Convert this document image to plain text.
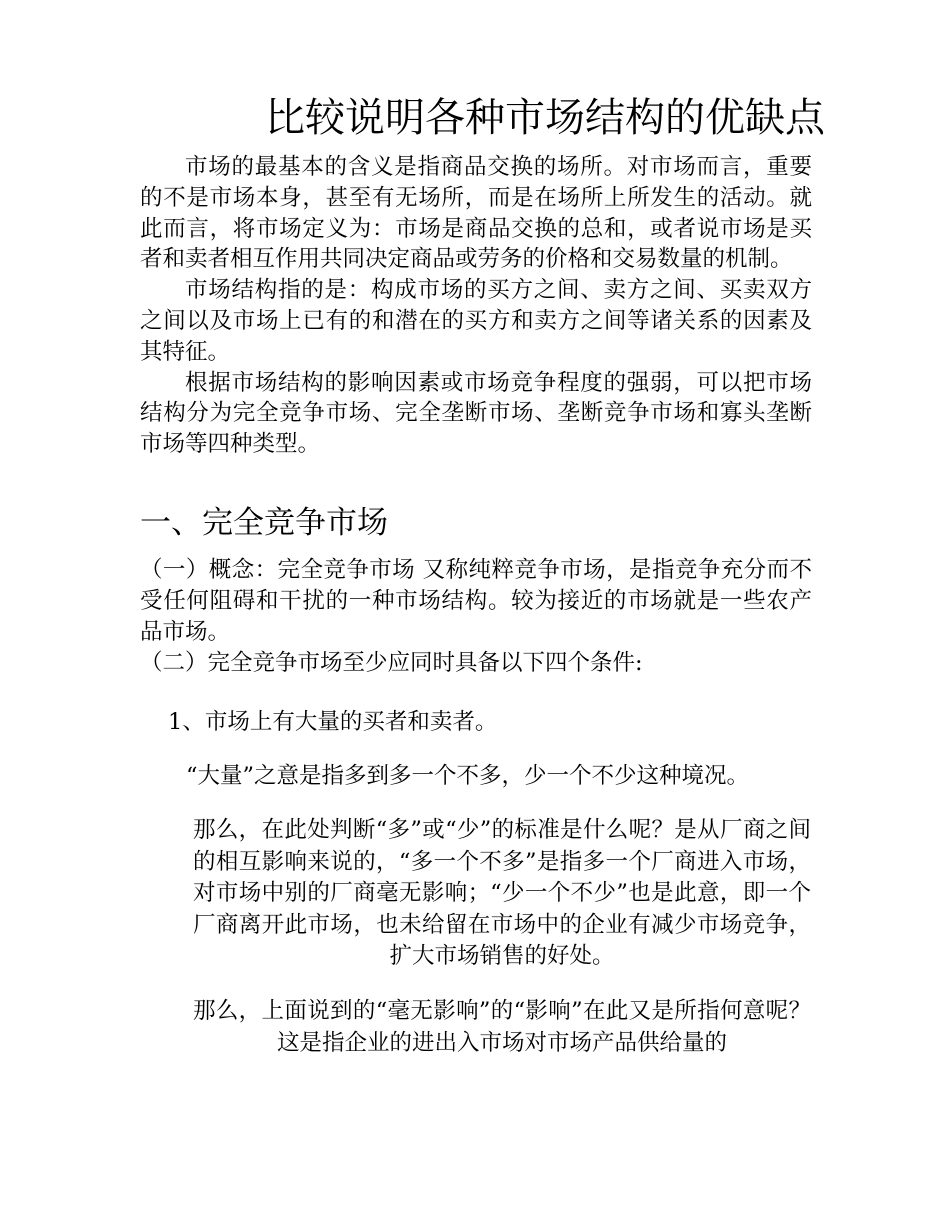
比较说明各种市场结构的优缺点

市场的最基本的含义是指商品交换的场所。对市场而言，重要的不是市场本身，甚至有无场所，而是在场所上所发生的活动。就此而言，将市场定义为：市场是商品交换的总和，或者说市场是买者和卖者相互作用共同决定商品或劳务的价格和交易数量的机制。

市场结构指的是：构成市场的买方之间、卖方之间、买卖双方之间以及市场上已有的和潜在的买方和卖方之间等诸关系的因素及其特征。

根据市场结构的影响因素或市场竞争程度的强弱，可以把市场结构分为完全竞争市场、完全垄断市场、垄断竞争市场和寡头垄断市场等四种类型。

一、完全竞争市场

（一）概念：完全竞争市场 又称纯粹竞争市场，是指竞争充分而不受任何阻碍和干扰的一种市场结构。较为接近的市场就是一些农产品市场。

（二）完全竞争市场至少应同时具备以下四个条件:

1、市场上有大量的买者和卖者。

“大量”之意是指多到多一个不多，少一个不少这种境况。

那么，在此处判断“多”或“少”的标准是什么呢？是从厂商之间的相互影响来说的，“多一个不多”是指多一个厂商进入市场，对市场中别的厂商毫无影响；“少一个不少”也是此意，即一个厂商离开此市场，也未给留在市场中的企业有减少市场竞争，扩大市场销售的好处。

那么，上面说到的“毫无影响”的“影响”在此又是所指何意呢？这是指企业的进出入市场对市场产品供给量的
